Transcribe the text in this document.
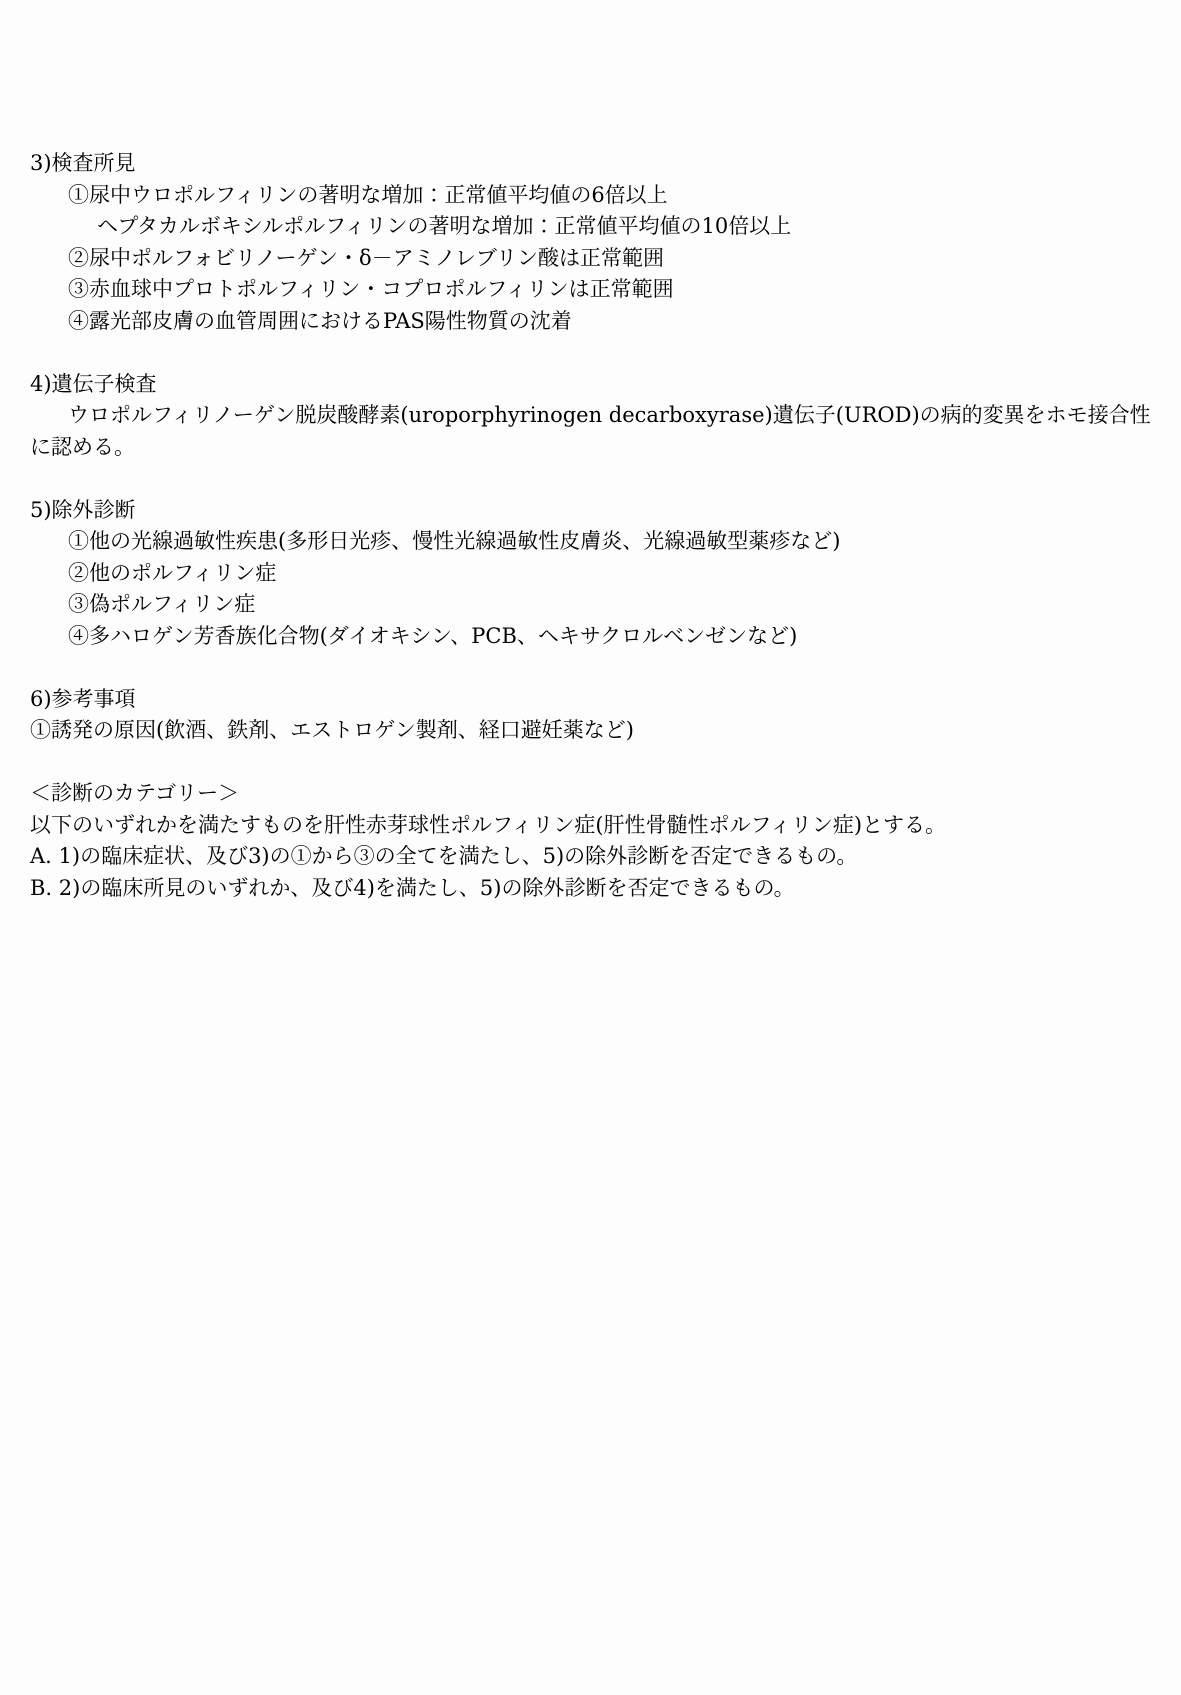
3)検査所見
①尿中ウロポルフィリンの著明な増加：正常値平均値の6倍以上
ヘプタカルボキシルポルフィリンの著明な増加：正常値平均値の10倍以上
②尿中ポルフォビリノーゲン・δ－アミノレブリン酸は正常範囲
③赤血球中プロトポルフィリン・コプロポルフィリンは正常範囲
④露光部皮膚の血管周囲におけるPAS陽性物質の沈着
4)遺伝子検査
ウロポルフィリノーゲン脱炭酸酵素(uroporphyrinogen decarboxyrase)遺伝子(UROD)の病的変異をホモ接合性
に認める。
5)除外診断
①他の光線過敏性疾患(多形日光疹、慢性光線過敏性皮膚炎、光線過敏型薬疹など)
②他のポルフィリン症
③偽ポルフィリン症
④多ハロゲン芳香族化合物(ダイオキシン、PCB、ヘキサクロルベンゼンなど)
6)参考事項
①誘発の原因(飲酒、鉄剤、エストロゲン製剤、経口避妊薬など)
＜診断のカテゴリー＞
以下のいずれかを満たすものを肝性赤芽球性ポルフィリン症(肝性骨髄性ポルフィリン症)とする。
A. 1)の臨床症状、及び3)の①から③の全てを満たし、5)の除外診断を否定できるもの。
B. 2)の臨床所見のいずれか、及び4)を満たし、5)の除外診断を否定できるもの。
